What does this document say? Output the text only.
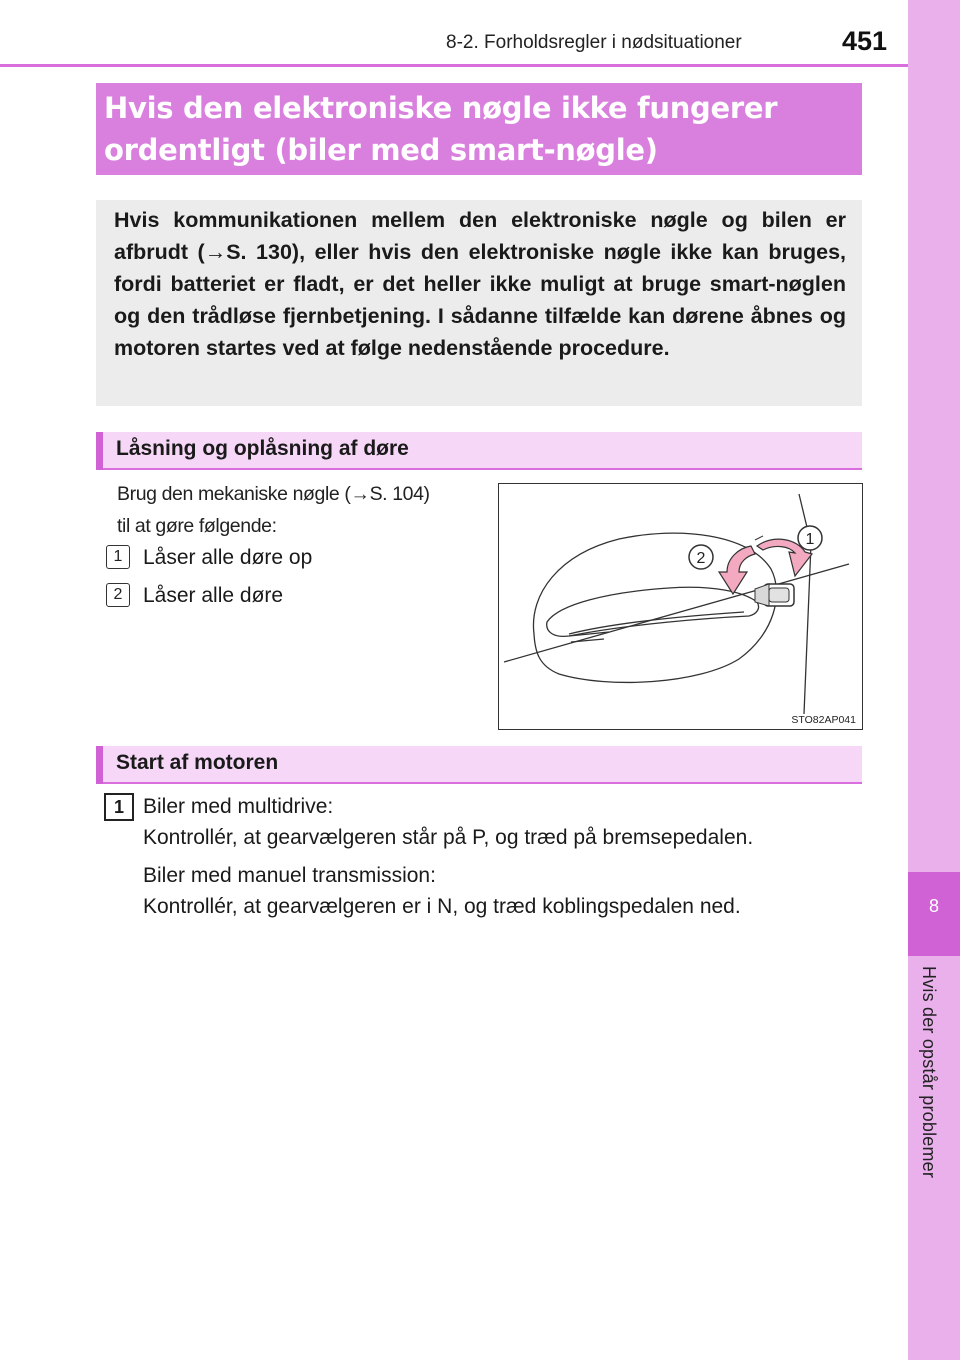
8-2. Forholdsregler i nødsituationer	451
8
Hvis der opstår problemer
Hvis den elektroniske nøgle ikke fungerer
ordentligt (biler med smart-nøgle)
Hvis kommunikationen mellem den elektroniske nøgle og bilen er afbrudt (→S. 130), eller hvis den elektroniske nøgle ikke kan bruges, fordi batteriet er fladt, er det heller ikke muligt at bruge smart-nøglen og den trådløse fjernbetjening. I sådanne tilfælde kan dørene åbnes og motoren startes ved at følge nedenstående procedure.
Låsning og oplåsning af døre
Brug den mekaniske nøgle (→S. 104)
til at gøre følgende:
1 Låser alle døre op
2 Låser alle døre
1
2
STO82AP041
Start af motoren
1 Biler med multidrive:
Kontrollér, at gearvælgeren står på P, og træd på bremsepedalen.
Biler med manuel transmission:
Kontrollér, at gearvælgeren er i N, og træd koblingspedalen ned.
